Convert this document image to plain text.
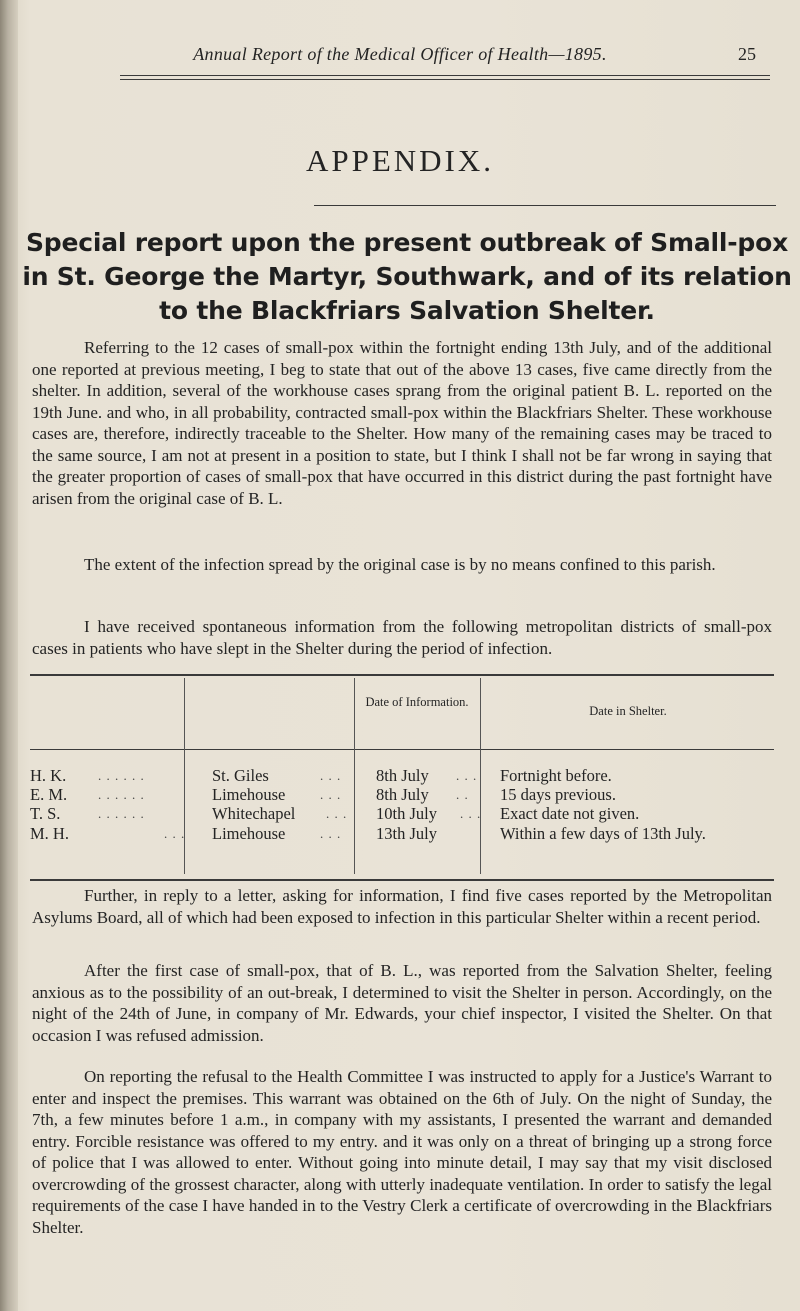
Annual Report of the Medical Officer of Health—1895.	25
APPENDIX.
Special report upon the present outbreak of Small-pox in St. George the Martyr, Southwark, and of its relation to the Blackfriars Salvation Shelter.

Referring to the 12 cases of small-pox within the fortnight ending 13th July, and of the additional one reported at previous meeting, I beg to state that out of the above 13 cases, five came directly from the shelter. In addition, several of the workhouse cases sprang from the original patient B. L. reported on the 19th June. and who, in all probability, contracted small-pox within the Blackfriars Shelter. These workhouse cases are, therefore, indirectly traceable to the Shelter. How many of the remaining cases may be traced to the same source, I am not at present in a position to state, but I think I shall not be far wrong in saying that the greater proportion of cases of small-pox that have occurred in this district during the past fortnight have arisen from the original case of B. L.

The extent of the infection spread by the original case is by no means confined to this parish.

I have received spontaneous information from the following metropolitan districts of small-pox cases in patients who have slept in the Shelter during the period of infection.

Date of Information.
Date in Shelter.
H. K. . . . . . .	St. Giles	. . . 8th July . . . Fortnight before.
E. M. . . . . . .	Limehouse	. . . 8th July . . 15 days previous.
T. S.	. . . . . .	Whitechapel . . . 10th July . . . Exact date not given.
M. H.	. . . Limehouse	. . . 13th July	Within a few days of 13th July.

Further, in reply to a letter, asking for information, I find five cases reported by the Metropolitan Asylums Board, all of which had been exposed to infection in this particular Shelter within a recent period.

After the first case of small-pox, that of B. L., was reported from the Salvation Shelter, feeling anxious as to the possibility of an out-break, I determined to visit the Shelter in person. Accordingly, on the night of the 24th of June, in company of Mr. Edwards, your chief inspector, I visited the Shelter. On that occasion I was refused admission.

On reporting the refusal to the Health Committee I was instructed to apply for a Justice's Warrant to enter and inspect the premises. This warrant was obtained on the 6th of July. On the night of Sunday, the 7th, a few minutes before 1 a.m., in company with my assistants, I presented the warrant and demanded entry. Forcible resistance was offered to my entry. and it was only on a threat of bringing up a strong force of police that I was allowed to enter. Without going into minute detail, I may say that my visit disclosed overcrowding of the grossest character, along with utterly inadequate ventilation. In order to satisfy the legal requirements of the case I have handed in to the Vestry Clerk a certificate of overcrowding in the Blackfriars Shelter.
